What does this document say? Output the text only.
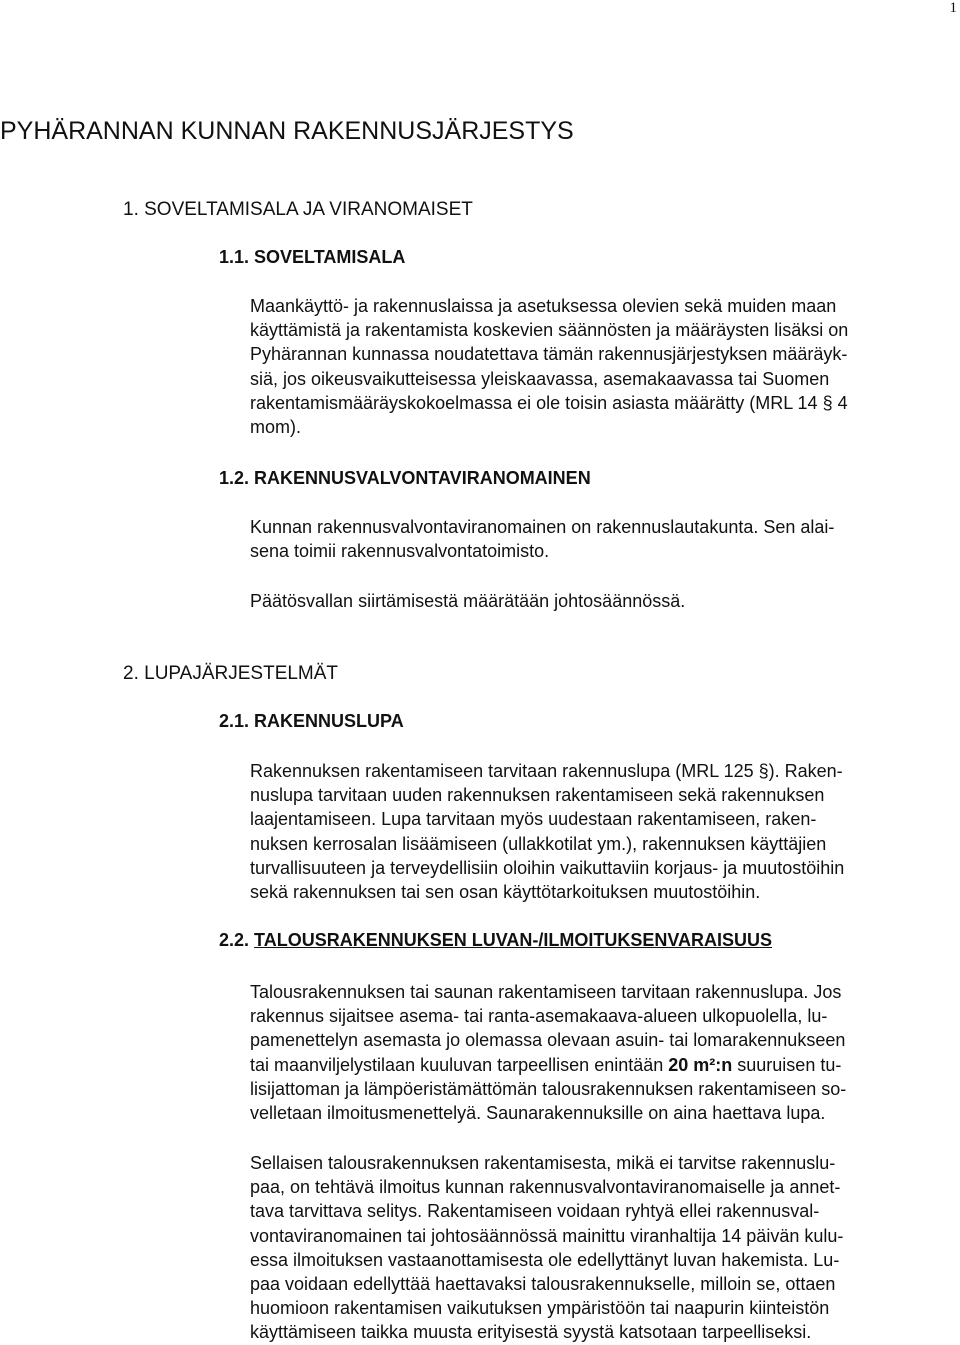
1
PYHÄRANNAN KUNNAN RAKENNUSJÄRJESTYS
1. SOVELTAMISALA JA VIRANOMAISET
1.1. SOVELTAMISALA
Maankäyttö- ja rakennuslaissa ja asetuksessa olevien sekä muiden maan
käyttämistä ja rakentamista koskevien säännösten ja määräysten lisäksi on
Pyhärannan kunnassa noudatettava tämän rakennusjärjestyksen määräyk-
siä, jos oikeusvaikutteisessa yleiskaavassa, asemakaavassa tai Suomen
rakentamismääräyskokoelmassa ei ole toisin asiasta määrätty (MRL 14 § 4
mom).
1.2. RAKENNUSVALVONTAVIRANOMAINEN
Kunnan rakennusvalvontaviranomainen on rakennuslautakunta. Sen alai-
sena toimii rakennusvalvontatoimisto.
Päätösvallan siirtämisestä määrätään johtosäännössä.
2. LUPAJÄRJESTELMÄT
2.1. RAKENNUSLUPA
Rakennuksen rakentamiseen tarvitaan rakennuslupa (MRL 125 §). Raken-
nuslupa tarvitaan uuden rakennuksen rakentamiseen sekä rakennuksen
laajentamiseen. Lupa tarvitaan myös uudestaan rakentamiseen, raken-
nuksen kerrosalan lisäämiseen (ullakkotilat ym.), rakennuksen käyttäjien
turvallisuuteen ja terveydellisiin oloihin vaikuttaviin korjaus- ja muutostöihin
sekä rakennuksen tai sen osan käyttötarkoituksen muutostöihin.
2.2. TALOUSRAKENNUKSEN LUVAN-/ILMOITUKSENVARAISUUS
Talousrakennuksen tai saunan rakentamiseen tarvitaan rakennuslupa. Jos
rakennus sijaitsee asema- tai ranta-asemakaava-alueen ulkopuolella, lu-
pamenettelyn asemasta jo olemassa olevaan asuin- tai lomarakennukseen
tai maanviljelystilaan kuuluvan tarpeellisen enintään 20 m²:n suuruisen tu-
lisijattoman ja lämpöeristämättömän talousrakennuksen rakentamiseen so-
velletaan ilmoitusmenettelyä. Saunarakennuksille on aina haettava lupa.
Sellaisen talousrakennuksen rakentamisesta, mikä ei tarvitse rakennuslu-
paa, on tehtävä ilmoitus kunnan rakennusvalvontaviranomaiselle ja annet-
tava tarvittava selitys. Rakentamiseen voidaan ryhtyä ellei rakennusval-
vontaviranomainen tai johtosäännössä mainittu viranhaltija 14 päivän kulu-
essa ilmoituksen vastaanottamisesta ole edellyttänyt luvan hakemista. Lu-
paa voidaan edellyttää haettavaksi talousrakennukselle, milloin se, ottaen
huomioon rakentamisen vaikutuksen ympäristöön tai naapurin kiinteistön
käyttämiseen taikka muusta erityisestä syystä katsotaan tarpeelliseksi.
